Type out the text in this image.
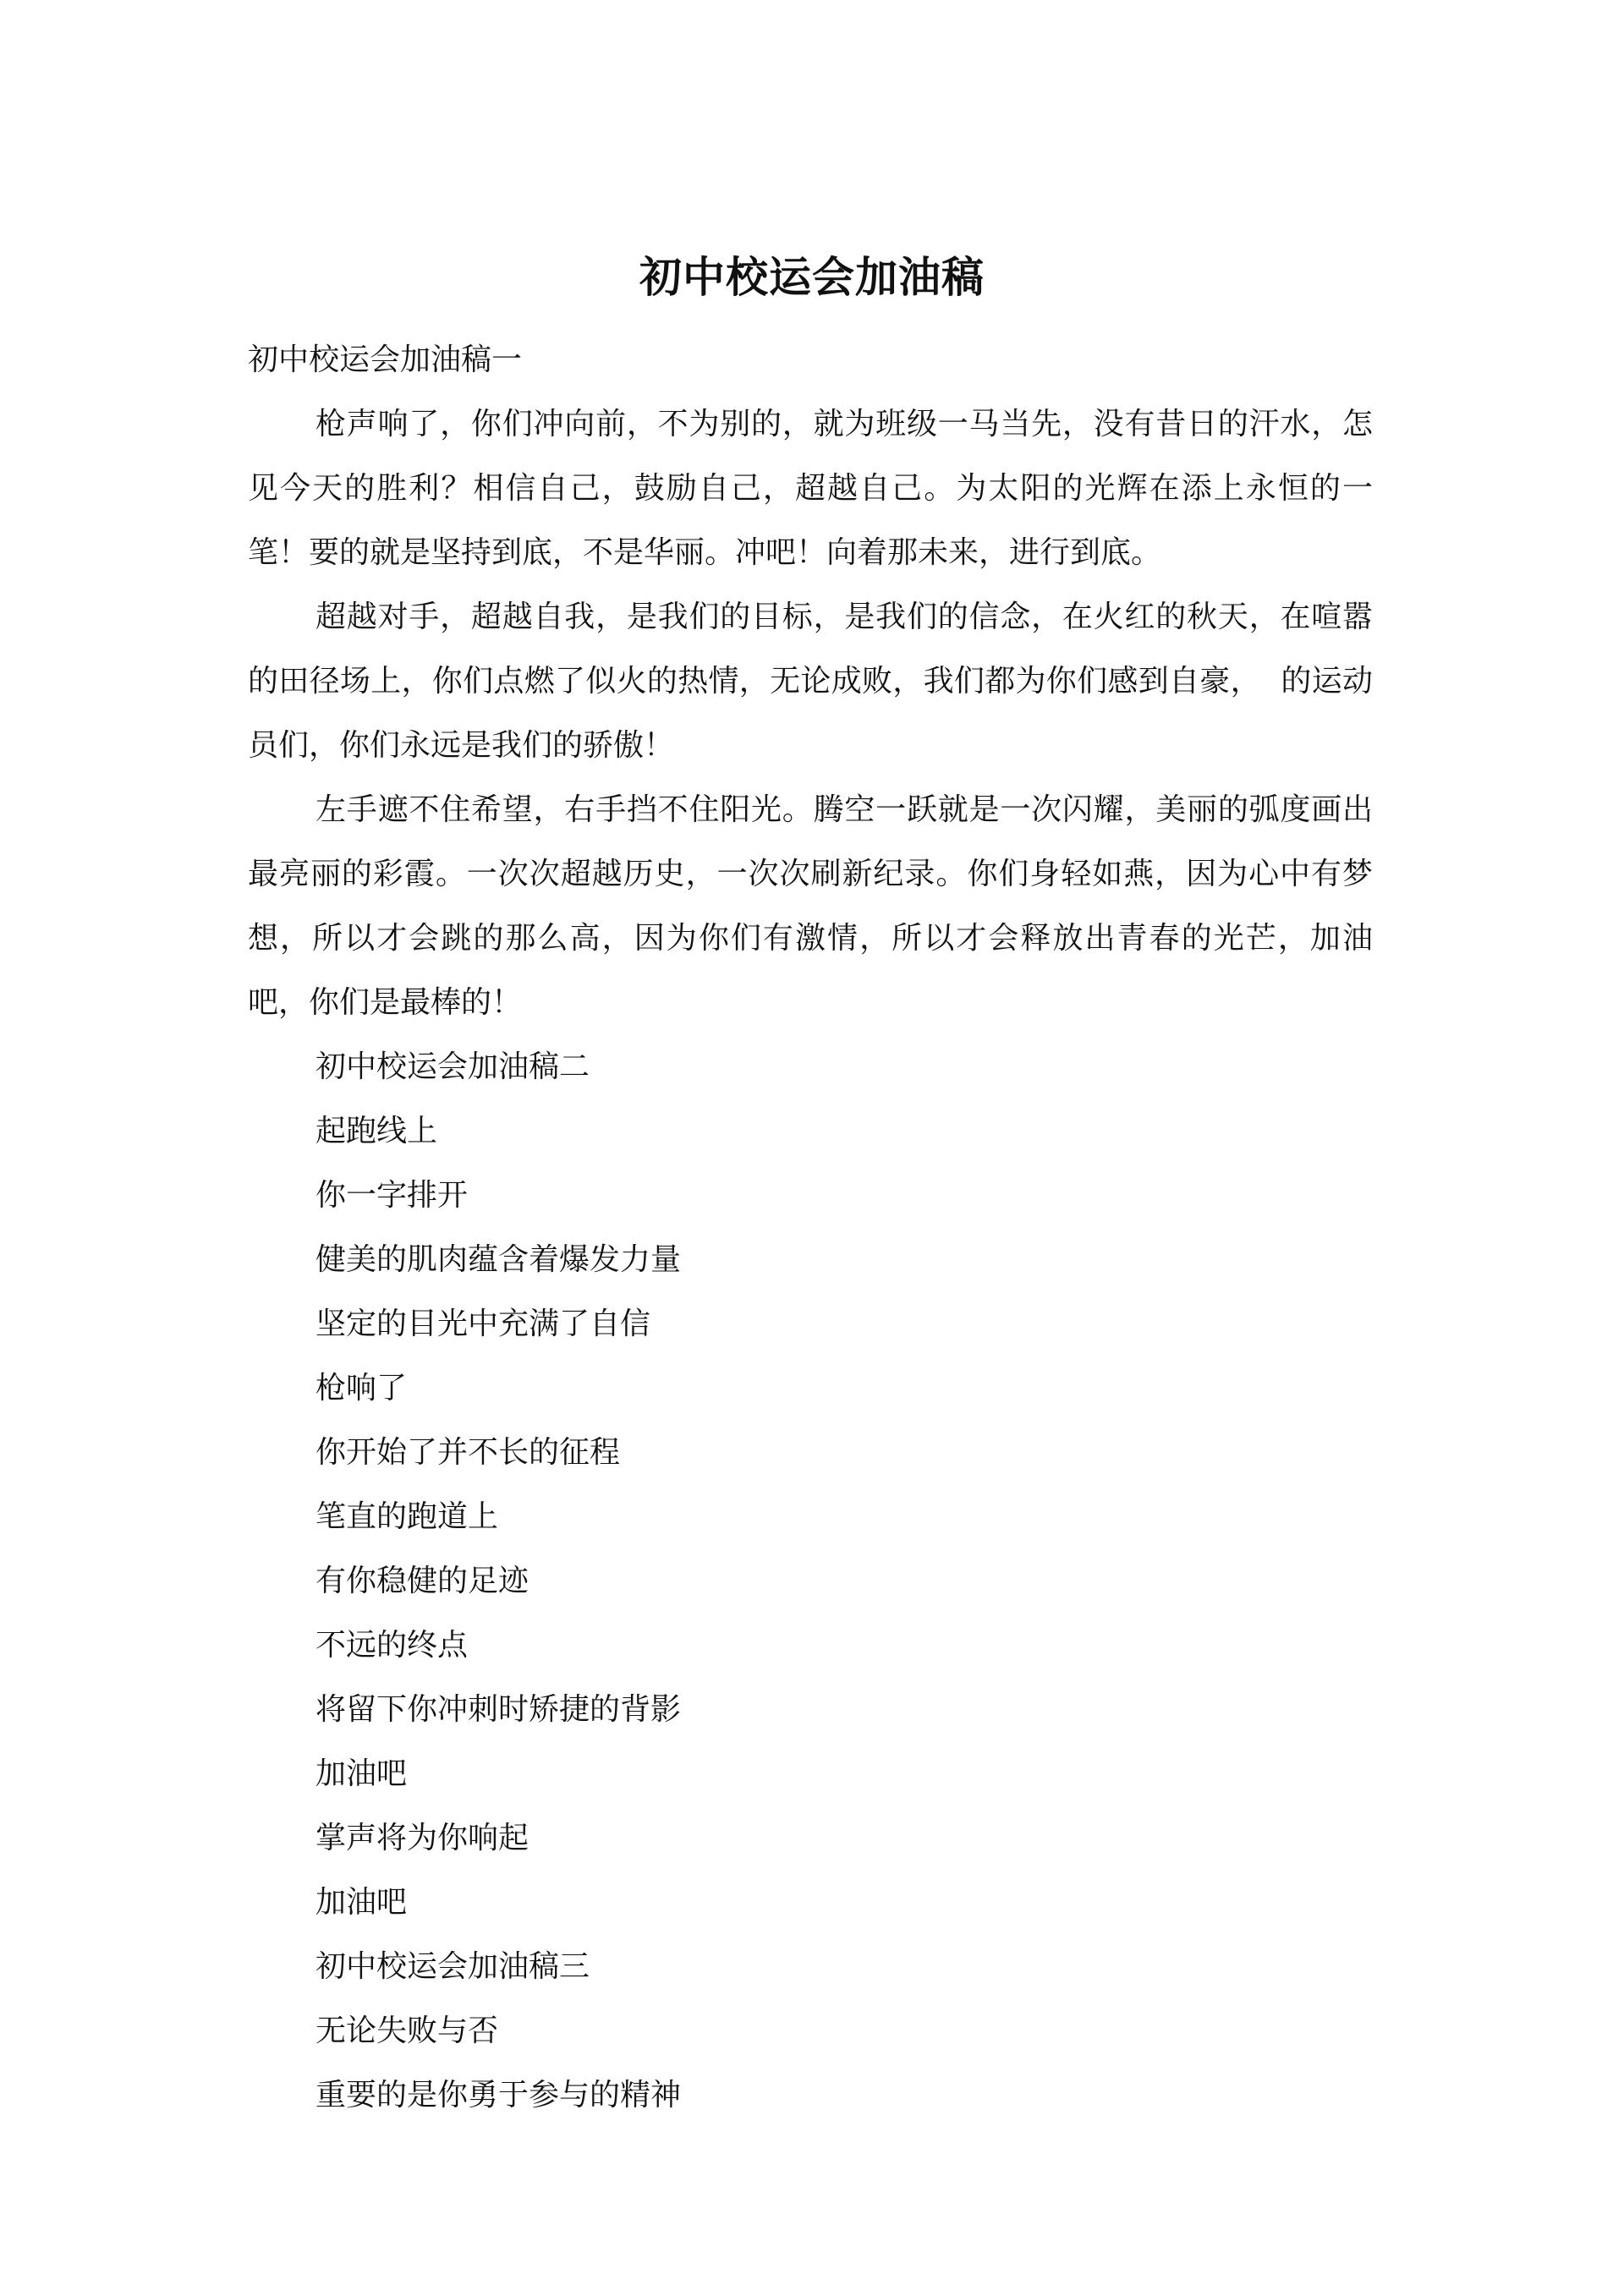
初中校运会加油稿

初中校运会加油稿一

枪声响了，你们冲向前，不为别的，就为班级一马当先，没有昔日的汗水，怎见今天的胜利？相信自己，鼓励自己，超越自己。为太阳的光辉在添上永恒的一笔！要的就是坚持到底，不是华丽。冲吧！向着那未来，进行到底。

超越对手，超越自我，是我们的目标，是我们的信念，在火红的秋天，在喧嚣的田径场上，你们点燃了似火的热情，无论成败，我们都为你们感到自豪，  的运动员们，你们永远是我们的骄傲！

左手遮不住希望，右手挡不住阳光。腾空一跃就是一次闪耀，美丽的弧度画出最亮丽的彩霞。一次次超越历史，一次次刷新纪录。你们身轻如燕，因为心中有梦想，所以才会跳的那么高，因为你们有激情，所以才会释放出青春的光芒，加油吧，你们是最棒的！

初中校运会加油稿二

起跑线上

你一字排开

健美的肌肉蕴含着爆发力量

坚定的目光中充满了自信

枪响了

你开始了并不长的征程

笔直的跑道上

有你稳健的足迹

不远的终点

将留下你冲刺时矫捷的背影

加油吧

掌声将为你响起

加油吧

初中校运会加油稿三

无论失败与否

重要的是你勇于参与的精神
